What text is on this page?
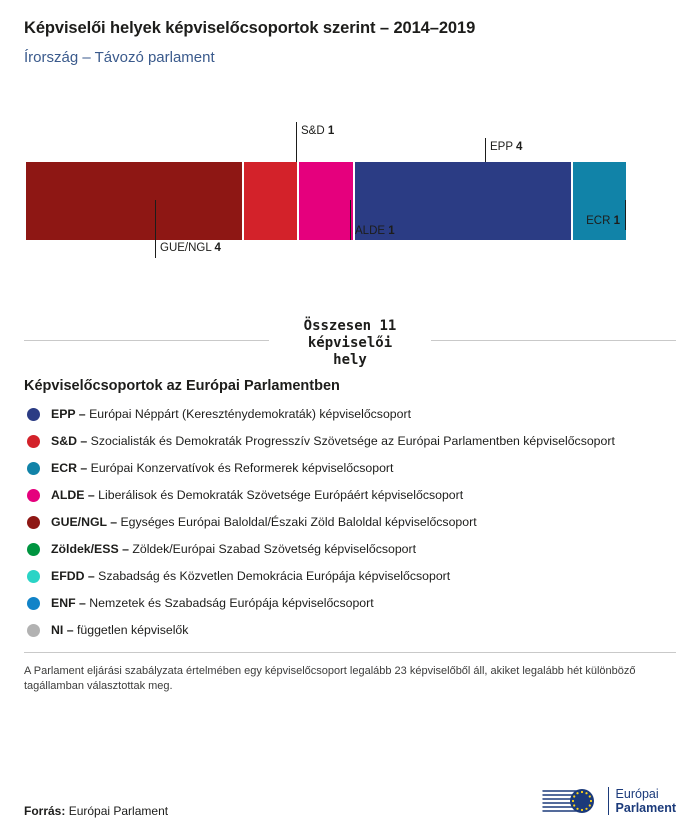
Képviselői helyek képviselőcsoportok szerint – 2014–2019
Írország – Távozó parlament
S&D 1
EPP 4
GUE/NGL 4
ALDE 1
ECR 1
Összesen 11
képviselői
hely
Képviselőcsoportok az Európai Parlamentben
EPP – Európai Néppárt (Kereszténydemokraták) képviselőcsoport
S&D – Szocialisták és Demokraták Progresszív Szövetsége az Európai Parlamentben képviselőcsoport
ECR – Európai Konzervatívok és Reformerek képviselőcsoport
ALDE – Liberálisok és Demokraták Szövetsége Európáért képviselőcsoport
GUE/NGL – Egységes Európai Baloldal/Északi Zöld Baloldal képviselőcsoport
Zöldek/ESS – Zöldek/Európai Szabad Szövetség képviselőcsoport
EFDD – Szabadság és Közvetlen Demokrácia Európája képviselőcsoport
ENF – Nemzetek és Szabadság Európája képviselőcsoport
NI – független képviselők
A Parlament eljárási szabályzata értelmében egy képviselőcsoport legalább 23 képviselőből áll, akiket legalább hét különböző tagállamban választottak meg.
Forrás: Európai Parlament
Európai
Parlament
